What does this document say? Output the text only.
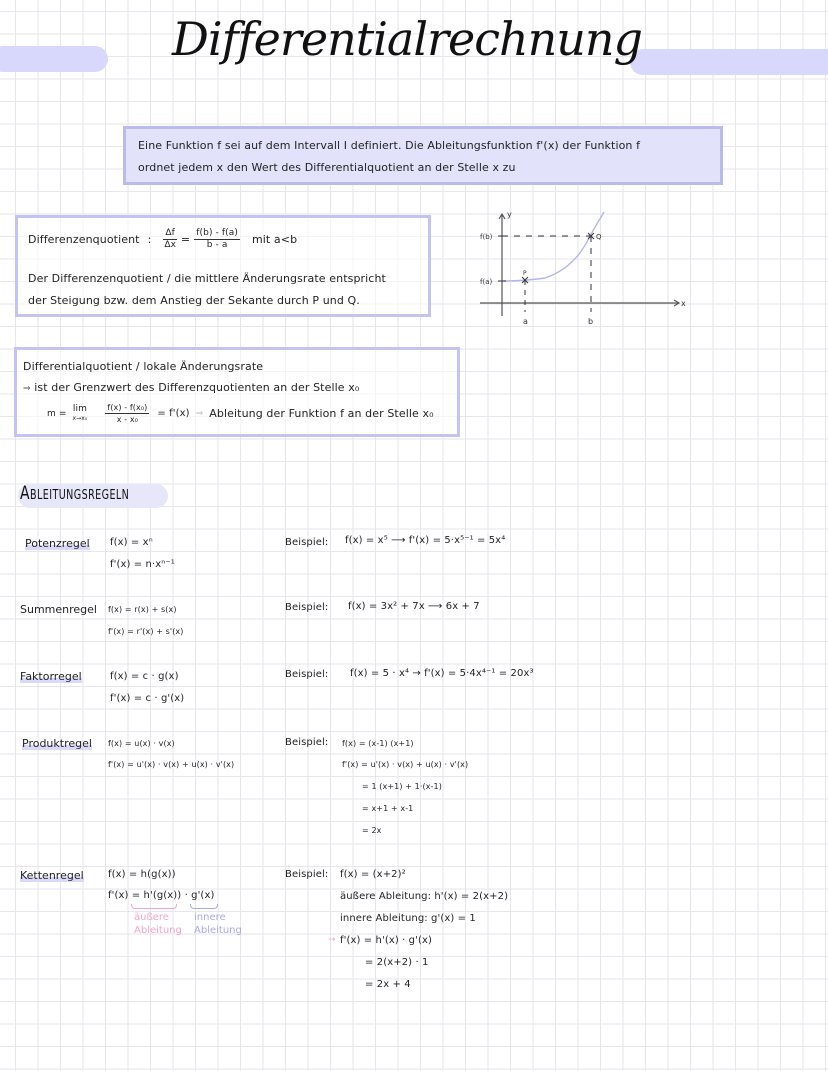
Differentialrechnung
Eine Funktion f sei auf dem Intervall I definiert. Die Ableitungsfunktion f'(x) der Funktion f
ordnet jedem x den Wert des Differentialquotient an der Stelle x zu
Differenzenquotient : $\frac{\Delta f}{\Delta x} = \frac{f(b) - f(a)}{b - a}$ mit a<b
Der Differenzenquotient / die mittlere Änderungsrate entspricht
der Steigung bzw. dem Anstieg der Sekante durch P und Q.
y
x
f(b)
f(a)
P
Q
a	b
Differentialquotient / lokale Änderungsrate
⇒ ist der Grenzwert des Differenzquotienten an der Stelle x₀
m = lim
$x\to x_0 \frac{\text{f(x) - f(x₀)}}{\text{x - x₀}} = f'(x)$ ⇒ Ableitung der Funktion f an der Stelle x₀
Ableitungsregeln
Potenzregel f(x) = xⁿ
f'(x) = n·xⁿ⁻¹
Beispiel: f(x) = x⁵ ⟶ f'(x) = 5·x⁵⁻¹ = 5x⁴
Summenregel f(x) = r(x) + s(x)
f'(x) = r'(x) + s'(x)
Beispiel: f(x) = 3x² + 7x ⟶ 6x + 7
Faktorregel	f(x) = c · g(x)
f'(x) = c · g'(x)
Beispiel: f(x) = 5 · x⁴ → f'(x) = 5·4x⁴⁻¹ = 20x³
Produktregel f(x) = u(x) · v(x)
f'(x) = u'(x) · v(x) + u(x) · v'(x)
Beispiel: f(x) = (x-1) (x+1)
f'(x) = u'(x) · v(x) + u(x) · v'(x)
= 1 (x+1) + 1·(x-1)
= x+1 + x-1
= 2x
Kettenregel f(x) = h(g(x))
f'(x) = h'(g(x)) · g'(x)
äußere
Ableitung
innere
Ableitung
Beispiel: f(x) = (x+2)²
äußere Ableitung: h'(x) = 2(x+2)
innere Ableitung: g'(x) = 1
→ f'(x) = h'(x) · g'(x)
= 2(x+2) · 1
= 2x + 4
